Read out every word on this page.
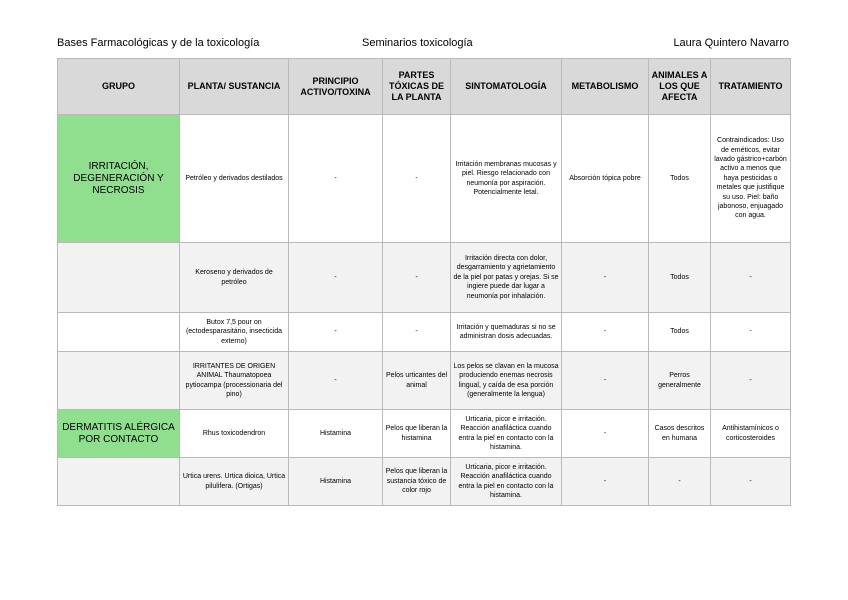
Bases Farmacológicas y de la toxicología	Seminarios toxicología	Laura Quintero Navarro
GRUPO	PLANTA/ SUSTANCIA	PRINCIPIO ACTIVO/TOXINA	PARTES TÓXICAS DE LA PLANTA	SINTOMATOLOGÍA	METABOLISMO	ANIMALES A LOS QUE AFECTA	TRATAMIENTO
IRRITACIÓN, DEGENERACIÓN Y NECROSIS	Petróleo y derivados destilados	-	-	Irritación membranas mucosas y piel. Riesgo relacionado con neumonía por aspiración. Potencialmente letal.	Absorción tópica pobre	Todos	Contraindicados: Uso de eméticos, evitar lavado gástrico+carbón activo a menos que haya pesticidas o metales que justifique su uso. Piel: baño jabonoso, enjuagado con agua.
	Keroseno y derivados de petróleo	-	-	Irritación directa con dolor, desgarramiento y agrietamiento de la piel por patas y orejas. Si se ingiere puede dar lugar a neumonía por inhalación.	-	Todos	-
	Butox 7,5 pour on (ectodesparasitário, insecticida externo)	-	-	Irritación y quemaduras si no se administran dosis adecuadas.	-	Todos	-
	IRRITANTES DE ORIGEN ANIMAL Thaumatopoea pytiocampa (processionaria del pino)	-	Pelos urticantes del animal	Los pelos se clavan en la mucosa produciendo enemas necrosis lingual, y caída de esa porción (generalmente la lengua)	-	Perros generalmente	-
DERMATITIS ALÉRGICA POR CONTACTO	Rhus toxicodendron	Histamina	Pelos que liberan la histamina	Urticaria, picor e irritación. Reacción anafiláctica cuando entra la piel en contacto con la histamina.	-	Casos descritos en humana	Antihistamínicos o corticosteroides
	Urtica urens. Urtica dioica, Urtica pilulifera. (Ortigas)	Histamina	Pelos que liberan la sustancia tóxico de color rojo	Urticaria, picor e irritación. Reacción anafiláctica cuando entra la piel en contacto con la histamina.	-	-	-
